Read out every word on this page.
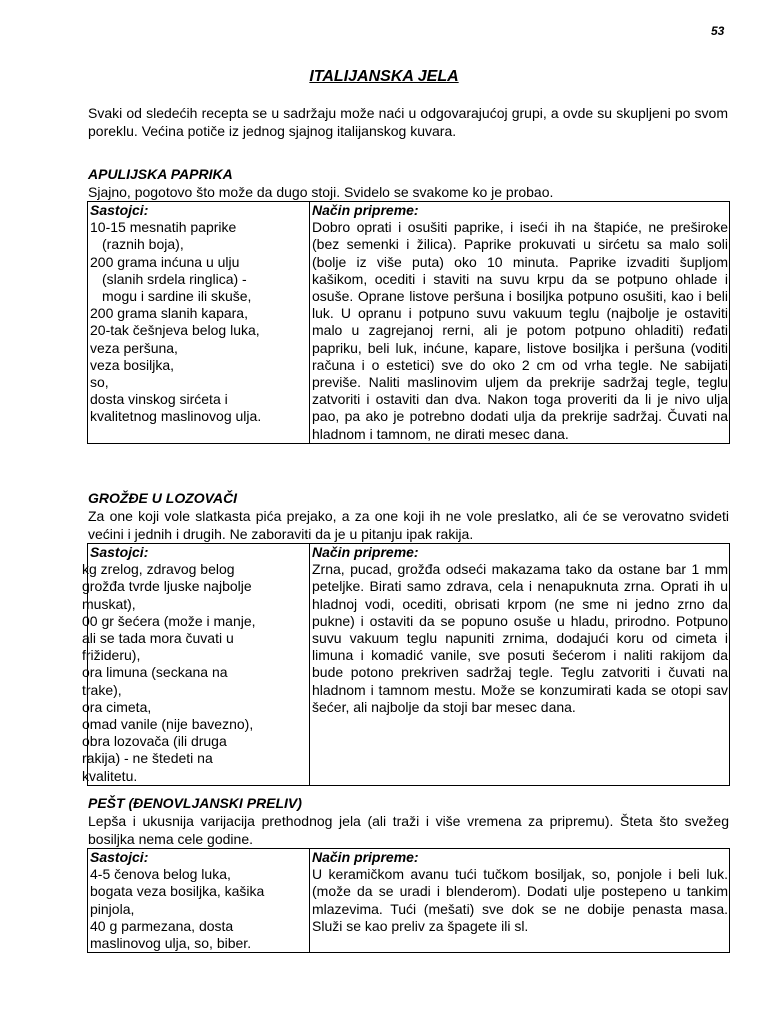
53
ITALIJANSKA JELA

Svaki od sledećih recepta se u sadržaju može naći u odgovarajućoj grupi, a ovde su skupljeni po svom poreklu. Većina potiče iz jednog sjajnog italijanskog kuvara.

APULIJSKA PAPRIKA
Sjajno, pogotovo što može da dugo stoji. Svidelo se svakome ko je probao.
Sastojci:
10-15 mesnatih paprike
(raznih boja),
200 grama inćuna u ulju
(slanih srdela ringlica) -
mogu i sardine ili skuše,
200 grama slanih kapara,
20-tak češnjeva belog luka,
veza peršuna,
veza bosiljka,
so,
dosta vinskog sirćeta i
kvalitetnog maslinovog ulja.

Način pripreme:
Dobro oprati i osušiti paprike, i iseći ih na štapiće, ne preširoke (bez semenki i žilica). Paprike prokuvati u sirćetu sa malo soli (bolje iz više puta) oko 10 minuta. Paprike izvaditi šupljom kašikom, ocediti i staviti na suvu krpu da se potpuno ohlade i osuše. Oprane listove peršuna i bosiljka potpuno osušiti, kao i beli luk. U opranu i potpuno suvu vakuum teglu (najbolje je ostaviti malo u zagrejanoj rerni, ali je potom potpuno ohladiti) ređati papriku, beli luk, inćune, kapare, listove bosiljka i peršuna (voditi računa i o estetici) sve do oko 2 cm od vrha tegle. Ne sabijati previše. Naliti maslinovim uljem da prekrije sadržaj tegle, teglu zatvoriti i ostaviti dan dva. Nakon toga proveriti da li je nivo ulja pao, pa ako je potrebno dodati ulja da prekrije sadržaj. Čuvati na hladnom i tamnom, ne dirati mesec dana.
GROŽĐE U LOZOVAČI
Za one koji vole slatkasta pića prejako, a za one koji ih ne vole preslatko, ali će se verovatno svideti većini i jednih i drugih. Ne zaboraviti da je u pitanju ipak rakija.
Sastojci:
kg zrelog, zdravog belog
grožđa tvrde ljuske najbolje
muskat),
00 gr šećera (može i manje,
ali se tada mora čuvati u
frižideru),
ora limuna (seckana na
trake),
ora cimeta,
omad vanile (nije bavezno),
obra lozovača (ili druga
rakija) - ne štedeti na
kvalitetu.

Način pripreme:
Zrna, pucad, grožđa odseći makazama tako da ostane bar 1 mm peteljke. Birati samo zdrava, cela i nenapuknuta zrna. Oprati ih u hladnoj vodi, ocediti, obrisati krpom (ne sme ni jedno zrno da pukne) i ostaviti da se popuno osuše u hladu, prirodno. Potpuno suvu vakuum teglu napuniti zrnima, dodajući koru od cimeta i limuna i komadić vanile, sve posuti šećerom i naliti rakijom da bude potono prekriven sadržaj tegle. Teglu zatvoriti i čuvati na hladnom i tamnom mestu. Može se konzumirati kada se otopi sav šećer, ali najbolje da stoji bar mesec dana.
PEŠT (ĐENOVLJANSKI PRELIV)
Lepša i ukusnija varijacija prethodnog jela (ali traži i više vremena za pripremu). Šteta što svežeg bosiljka nema cele godine.
Sastojci:
4-5 čenova belog luka,
bogata veza bosiljka, kašika
pinjola,
40 g parmezana, dosta
maslinovog ulja, so, biber.

Način pripreme:
U keramičkom avanu tući tučkom bosiljak, so, ponjole i beli luk. (može da se uradi i blenderom). Dodati ulje postepeno u tankim mlazevima. Tući (mešati) sve dok se ne dobije penasta masa. Služi se kao preliv za špagete ili sl.
